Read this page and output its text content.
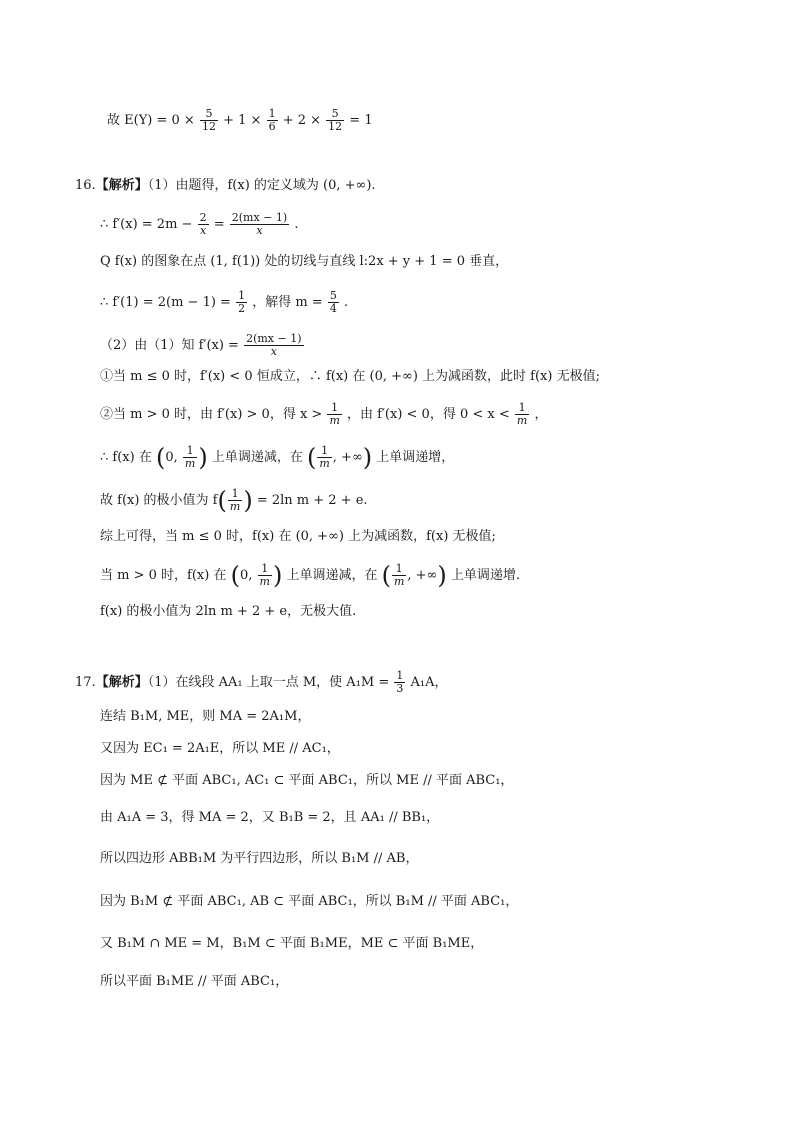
故 $E(Y) = 0 \times \frac{5}{12} + 1 \times \frac{1}{6} + 2 \times \frac{5}{12} = 1$
16.【解析】（1）由题得，f(x) 的定义域为 (0, +∞).
∴ $f'(x) = 2m - \frac{2}{x} = \frac{2(mx - 1)}{x}$ .
Q f(x) 的图象在点 (1, f(1)) 处的切线与直线 l:2x + y + 1 = 0 垂直，
∴ $f'(1) = 2(m - 1) = \frac{1}{2}$ ，解得 $m = \frac{5}{4}$ .
（2）由（1）知 $f'(x) = \frac{2(mx - 1)}{x}$
①当 m ≤ 0 时，f′(x) < 0 恒成立，∴ f(x) 在 (0, +∞) 上为减函数，此时 f(x) 无极值;
②当 m > 0 时，由 f′(x) > 0，得 $x > \frac{1}{m}$ ，由 f′(x) < 0，得 $0 < x < \frac{1}{m}$ ，
∴ f(x) 在 (0, $\frac{1}{m}$ ) 上单调递减，在 ( $\frac{1}{m}$ , +∞) 上单调递增，
故 f(x) 的极小值为 $f( \frac{1}{m}$ ) = 2ln m + 2 + e.
综上可得，当 m ≤ 0 时，f(x) 在 (0, +∞) 上为减函数，f(x) 无极值;
当 m > 0 时，f(x) 在 (0, $\frac{1}{m}$ ) 上单调递减，在 ( $\frac{1}{m}$ , +∞) 上单调递增.
f(x) 的极小值为 2ln m + 2 + e，无极大值.
17.【解析】（1）在线段 AA₁ 上取一点 M，使 $A_1M = \frac{1}{3} A_1A$，
连结 B₁M, ME，则 MA = 2A₁M，
又因为 EC₁ = 2A₁E，所以 ME // AC₁，
因为 ME ⊄ 平面 ABC₁, AC₁ ⊂ 平面 ABC₁，所以 ME // 平面 ABC₁，
由 A₁A = 3，得 MA = 2，又 B₁B = 2，且 AA₁ // BB₁，
所以四边形 ABB₁M 为平行四边形，所以 B₁M // AB，
因为 B₁M ⊄ 平面 ABC₁, AB ⊂ 平面 ABC₁，所以 B₁M // 平面 ABC₁，
又 B₁M ∩ ME = M，B₁M ⊂ 平面 B₁ME，ME ⊂ 平面 B₁ME，
所以平面 B₁ME // 平面 ABC₁，
